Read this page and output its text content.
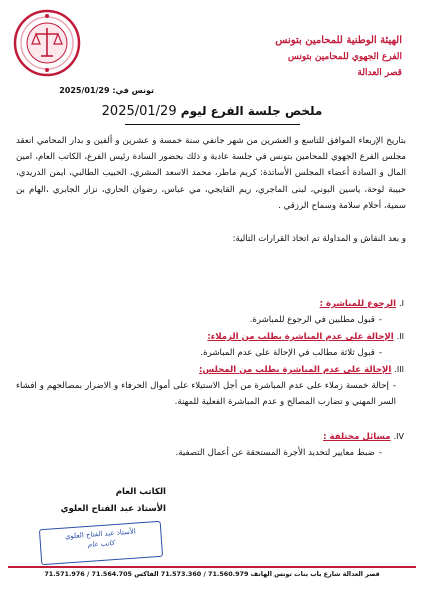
الهيئة الوطنية للمحامين بتونس
الفرع الجهوي للمحامين بتونس
قصر العدالة
تونس في: 2025/01/29
ملخص جلسة الفرع ليوم 2025/01/29

بتاريخ الإربعاء الموافق للتاسع و العشرين من شهر جانفي سنة خمسة و عشرين و ألفين و بدار المحامي انعقد مجلس الفرع الجهوي للمحامين بتونس في جلسة عادية و ذلك بحضور السادة رئيس الفرع، الكاتب العام، امين المال و السادة أعضاء المجلس الأساتذة: كريم ماطر، محمد الاسعد المشري، الحبيب الطالبي، ايمن الدريدي، حبيبة لوحة، ياسين البوني، لبنى الماجري، ريم القايجي، مي عباس، رضوان الحاري، نزار الجابري ،الهام بن سمية، أحلام سلامة وسماح الرزقي .

و بعد النقاش و المداولة تم اتخاذ القرارات التالية:

I.الرجوع للمباشرة :
-قبول مطلبين في الرجوع للمباشرة.
II.الإحالة على عدم المباشرة بطلب من الزملاء:
-قبول ثلاثة مطالب في الإحالة على عدم المباشرة.
III.الإحالة على عدم المباشرة بطلب من المجلس:
-إحالة خمسة زملاء على عدم المباشرة من أجل الاستيلاء على أموال الحرفاء و الاضرار بمصالحهم و افشاء السر المهني و تضارب المصالح و عدم المباشرة الفعلية للمهنة.
IV.مسائل مختلفة :
-ضبط معايير لتحديد الأجرة المستحقة عن أعمال التصفية.
الكاتب العام
الأستاذ عبد الفتاح العلوي
الأستاذ عبد الفتاح العلوي
كاتب عام
قصر العدالة شارع باب بنات تونس الهاتف 71.560.979 / 71.573.360 الفاكس 71.564.705 / 71.571.976
